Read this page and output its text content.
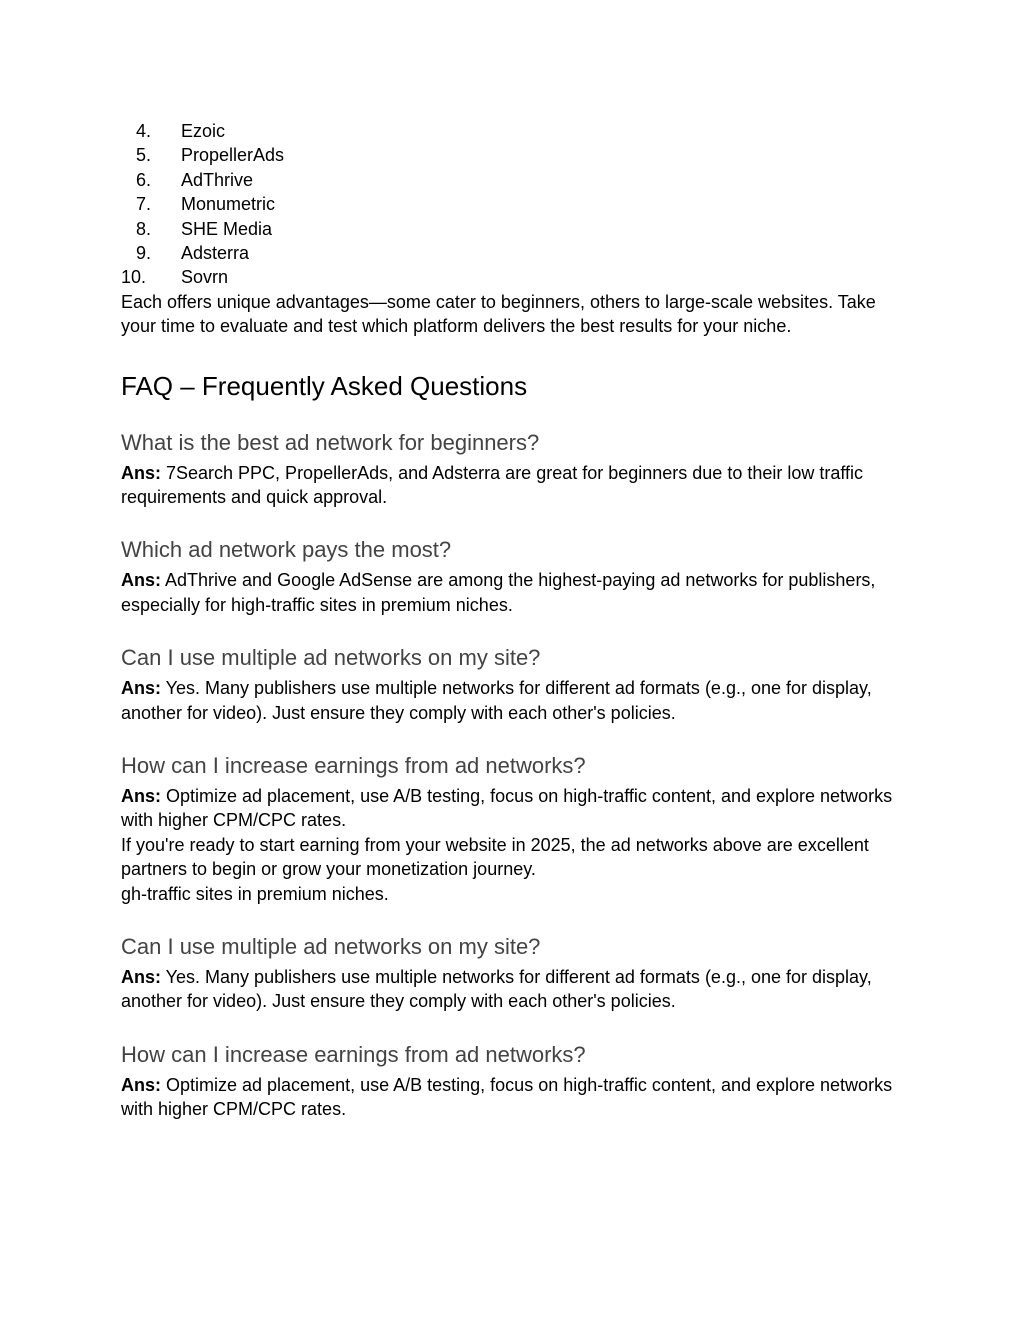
4. Ezoic
5. PropellerAds
6. AdThrive
7. Monumetric
8. SHE Media
9. Adsterra
10.	Sovrn

Each offers unique advantages—some cater to beginners, others to large-scale websites. Take your time to evaluate and test which platform delivers the best results for your niche.

FAQ – Frequently Asked Questions
What is the best ad network for beginners?

Ans: 7Search PPC, PropellerAds, and Adsterra are great for beginners due to their low traffic requirements and quick approval.

Which ad network pays the most?

Ans: AdThrive and Google AdSense are among the highest-paying ad networks for publishers, especially for high-traffic sites in premium niches.

Can I use multiple ad networks on my site?

Ans: Yes. Many publishers use multiple networks for different ad formats (e.g., one for display, another for video). Just ensure they comply with each other's policies.

How can I increase earnings from ad networks?

Ans: Optimize ad placement, use A/B testing, focus on high-traffic content, and explore networks with higher CPM/CPC rates.

If you're ready to start earning from your website in 2025, the ad networks above are excellent partners to begin or grow your monetization journey.

gh-traffic sites in premium niches.

Can I use multiple ad networks on my site?

Ans: Yes. Many publishers use multiple networks for different ad formats (e.g., one for display, another for video). Just ensure they comply with each other's policies.

How can I increase earnings from ad networks?

Ans: Optimize ad placement, use A/B testing, focus on high-traffic content, and explore networks with higher CPM/CPC rates.
